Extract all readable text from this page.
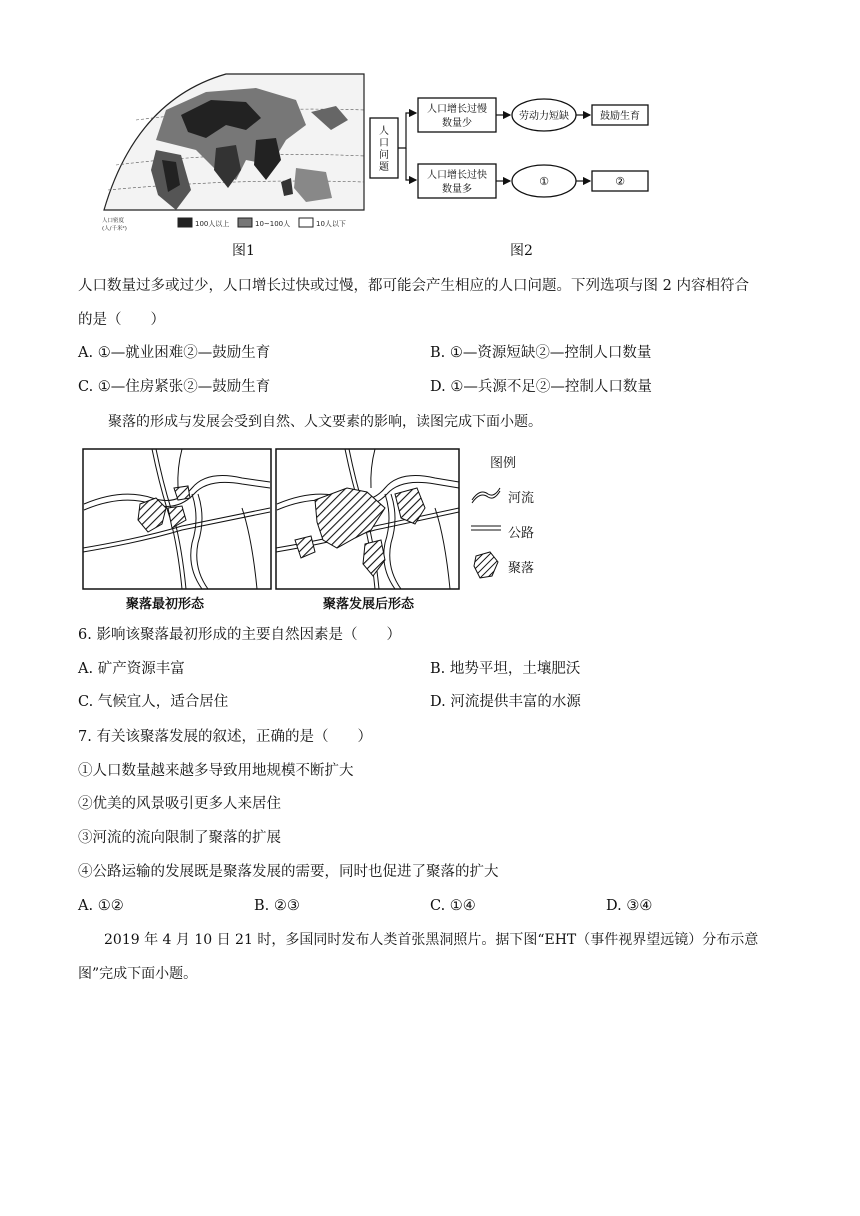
人口密度
(人/千米²)
100人以上	10~100人	10人以下
图1
人
口
问
题
人口增长过慢
数量少
劳动力短缺	鼓励生育
人口增长过快
数量多
①	②
图2
人口数量过多或过少，人口增长过快或过慢，都可能会产生相应的人口问题。下列选项与图 2 内容相符合
的是（　　）
A. ①—就业困难②—鼓励生育	B. ①—资源短缺②—控制人口数量
C. ①—住房紧张②—鼓励生育	D. ①—兵源不足②—控制人口数量
聚落的形成与发展会受到自然、人文要素的影响，读图完成下面小题。
聚落最初形态	聚落发展后形态
图例
河流
公路
聚落
6. 影响该聚落最初形成的主要自然因素是（　　）
A. 矿产资源丰富	B. 地势平坦，土壤肥沃
C. 气候宜人，适合居住	D. 河流提供丰富的水源
7. 有关该聚落发展的叙述，正确的是（　　）
①人口数量越来越多导致用地规模不断扩大
②优美的风景吸引更多人来居住
③河流的流向限制了聚落的扩展
④公路运输的发展既是聚落发展的需要，同时也促进了聚落的扩大
A. ①②	B. ②③	C. ①④	D. ③④
2019 年 4 月 10 日 21 时，多国同时发布人类首张黑洞照片。据下图“EHT（事件视界望远镜）分布示意
图”完成下面小题。
